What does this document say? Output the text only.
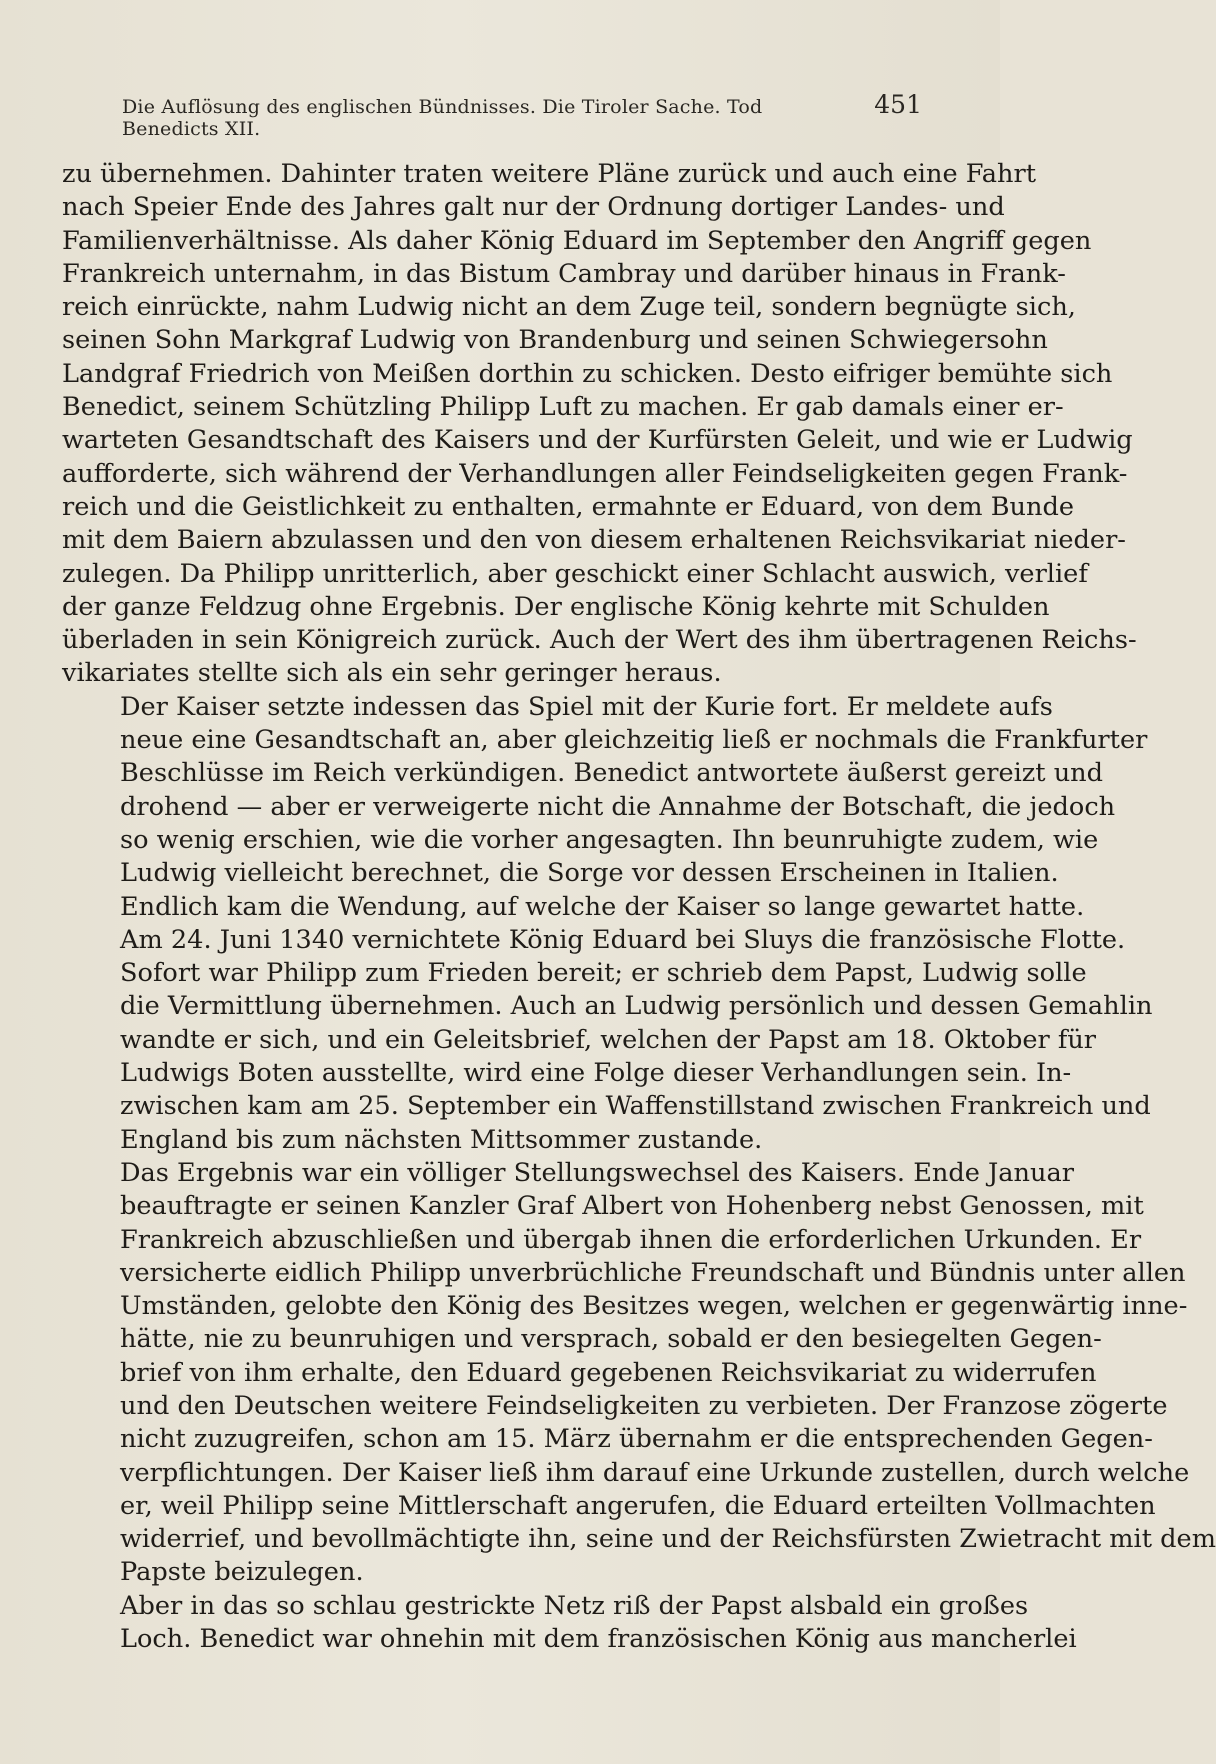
Die Auflösung des englischen Bündnisses. Die Tiroler Sache. Tod Benedicts XII.
451
zu übernehmen. Dahinter traten weitere Pläne zurück und auch eine Fahrt
nach Speier Ende des Jahres galt nur der Ordnung dortiger Landes- und
Familienverhältnisse. Als daher König Eduard im September den Angriff gegen
Frankreich unternahm, in das Bistum Cambray und darüber hinaus in Frank-
reich einrückte, nahm Ludwig nicht an dem Zuge teil, sondern begnügte sich,
seinen Sohn Markgraf Ludwig von Brandenburg und seinen Schwiegersohn
Landgraf Friedrich von Meißen dorthin zu schicken. Desto eifriger bemühte sich
Benedict, seinem Schützling Philipp Luft zu machen. Er gab damals einer er-
warteten Gesandtschaft des Kaisers und der Kurfürsten Geleit, und wie er Ludwig
aufforderte, sich während der Verhandlungen aller Feindseligkeiten gegen Frank-
reich und die Geistlichkeit zu enthalten, ermahnte er Eduard, von dem Bunde
mit dem Baiern abzulassen und den von diesem erhaltenen Reichsvikariat nieder-
zulegen. Da Philipp unritterlich, aber geschickt einer Schlacht auswich, verlief
der ganze Feldzug ohne Ergebnis. Der englische König kehrte mit Schulden
überladen in sein Königreich zurück. Auch der Wert des ihm übertragenen Reichs-
vikariates stellte sich als ein sehr geringer heraus.
Der Kaiser setzte indessen das Spiel mit der Kurie fort. Er meldete aufs
neue eine Gesandtschaft an, aber gleichzeitig ließ er nochmals die Frankfurter
Beschlüsse im Reich verkündigen. Benedict antwortete äußerst gereizt und
drohend — aber er verweigerte nicht die Annahme der Botschaft, die jedoch
so wenig erschien, wie die vorher angesagten. Ihn beunruhigte zudem, wie
Ludwig vielleicht berechnet, die Sorge vor dessen Erscheinen in Italien.
Endlich kam die Wendung, auf welche der Kaiser so lange gewartet hatte.
Am 24. Juni 1340 vernichtete König Eduard bei Sluys die französische Flotte.
Sofort war Philipp zum Frieden bereit; er schrieb dem Papst, Ludwig solle
die Vermittlung übernehmen. Auch an Ludwig persönlich und dessen Gemahlin
wandte er sich, und ein Geleitsbrief, welchen der Papst am 18. Oktober für
Ludwigs Boten ausstellte, wird eine Folge dieser Verhandlungen sein. In-
zwischen kam am 25. September ein Waffenstillstand zwischen Frankreich und
England bis zum nächsten Mittsommer zustande.
Das Ergebnis war ein völliger Stellungswechsel des Kaisers. Ende Januar
beauftragte er seinen Kanzler Graf Albert von Hohenberg nebst Genossen, mit
Frankreich abzuschließen und übergab ihnen die erforderlichen Urkunden. Er
versicherte eidlich Philipp unverbrüchliche Freundschaft und Bündnis unter allen
Umständen, gelobte den König des Besitzes wegen, welchen er gegenwärtig inne-
hätte, nie zu beunruhigen und versprach, sobald er den besiegelten Gegen-
brief von ihm erhalte, den Eduard gegebenen Reichsvikariat zu widerrufen
und den Deutschen weitere Feindseligkeiten zu verbieten. Der Franzose zögerte
nicht zuzugreifen, schon am 15. März übernahm er die entsprechenden Gegen-
verpflichtungen. Der Kaiser ließ ihm darauf eine Urkunde zustellen, durch welche
er, weil Philipp seine Mittlerschaft angerufen, die Eduard erteilten Vollmachten
widerrief, und bevollmächtigte ihn, seine und der Reichsfürsten Zwietracht mit dem
Papste beizulegen.
Aber in das so schlau gestrickte Netz riß der Papst alsbald ein großes
Loch. Benedict war ohnehin mit dem französischen König aus mancherlei
